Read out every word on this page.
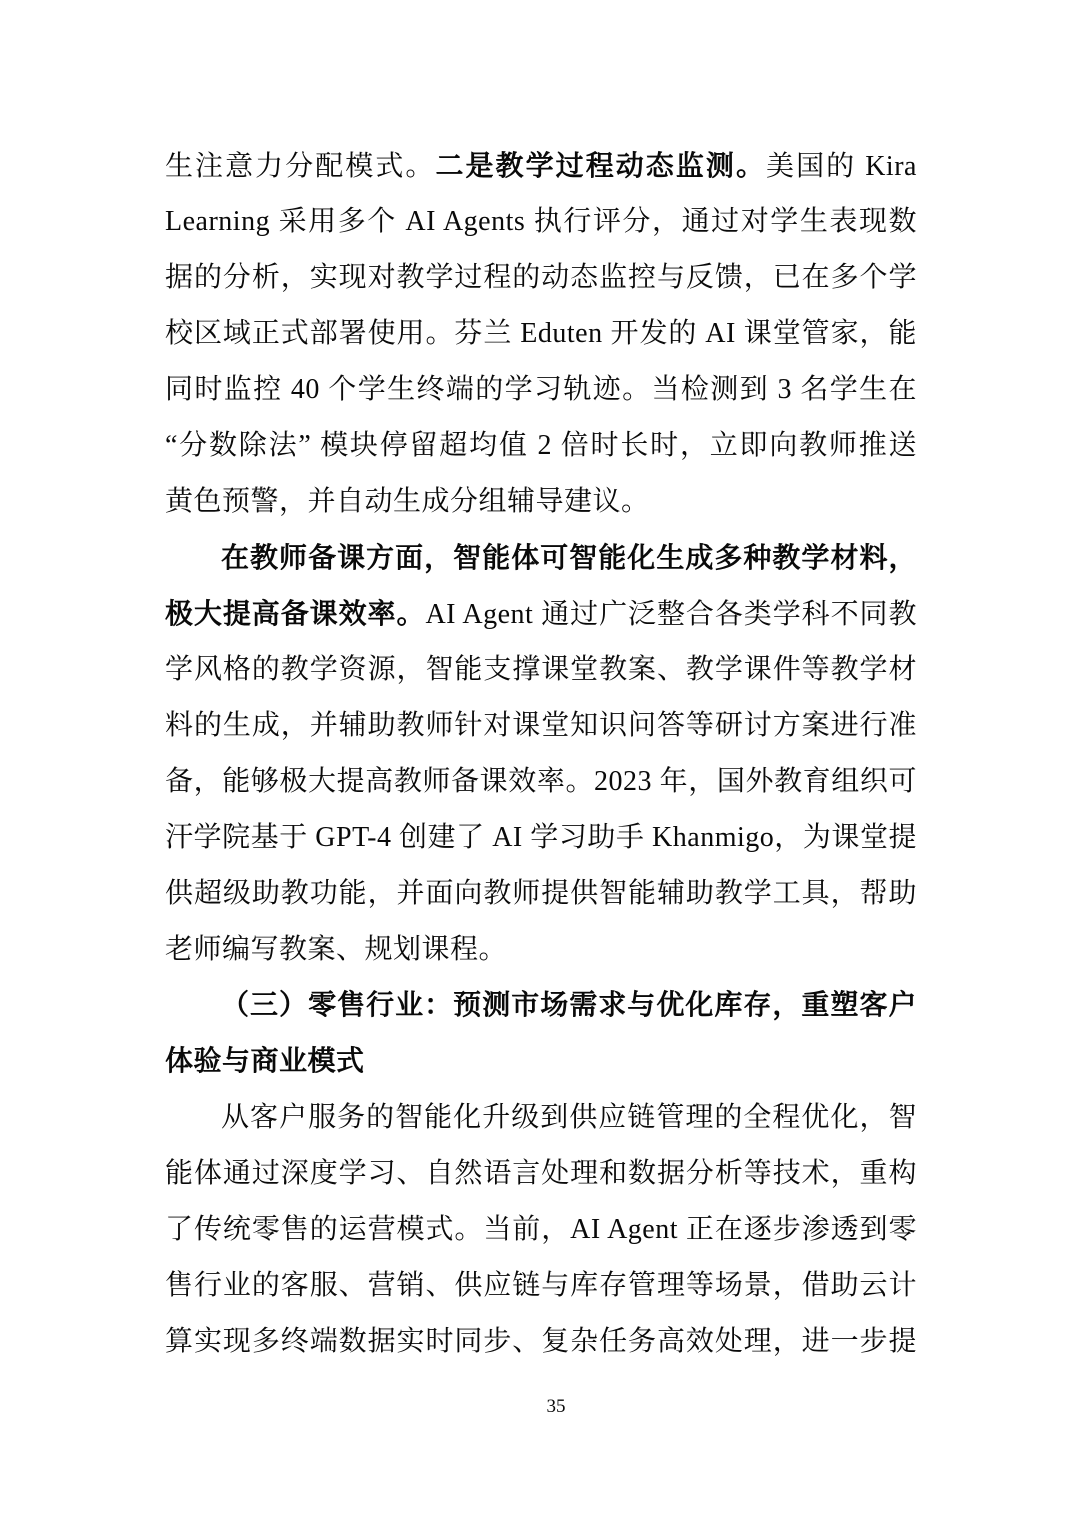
生注意力分配模式。二是教学过程动态监测。美国的 Kira
Learning 采用多个 AI Agents 执行评分，通过对学生表现数
据的分析，实现对教学过程的动态监控与反馈，已在多个学
校区域正式部署使用。芬兰 Eduten 开发的 AI 课堂管家，能
同时监控 40 个学生终端的学习轨迹。当检测到 3 名学生在
“分数除法” 模块停留超均值 2 倍时长时，立即向教师推送
黄色预警，并自动生成分组辅导建议。
在教师备课方面，智能体可智能化生成多种教学材料，
极大提高备课效率。AI Agent 通过广泛整合各类学科不同教
学风格的教学资源，智能支撑课堂教案、教学课件等教学材
料的生成，并辅助教师针对课堂知识问答等研讨方案进行准
备，能够极大提高教师备课效率。2023 年，国外教育组织可
汗学院基于 GPT-4 创建了 AI 学习助手 Khanmigo，为课堂提
供超级助教功能，并面向教师提供智能辅助教学工具，帮助
老师编写教案、规划课程。
（三）零售行业：预测市场需求与优化库存，重塑客户
体验与商业模式
从客户服务的智能化升级到供应链管理的全程优化，智
能体通过深度学习、自然语言处理和数据分析等技术，重构
了传统零售的运营模式。当前，AI Agent 正在逐步渗透到零
售行业的客服、营销、供应链与库存管理等场景，借助云计
算实现多终端数据实时同步、复杂任务高效处理，进一步提
35
